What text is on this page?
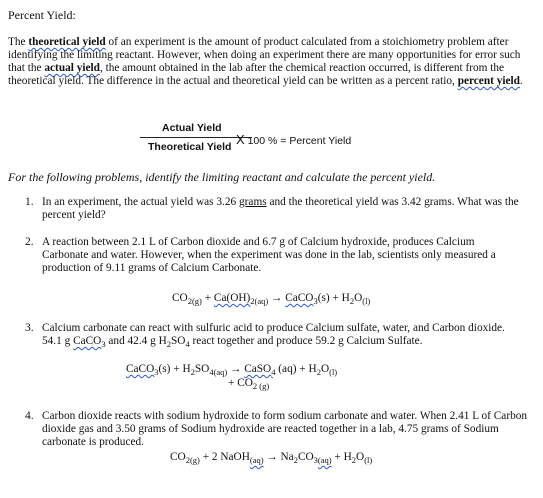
Percent Yield:
The theoretical yield of an experiment is the amount of product calculated from a stoichiometry problem after identifying the limiting reactant. However, when doing an experiment there are many opportunities for error such that the actual yield, the amount obtained in the lab after the chemical reaction occurred, is different from the theoretical yield. The difference in the actual and theoretical yield can be written as a percent ratio, percent yield.
Actual Yield
Theoretical Yield X 100 % = Percent Yield
For the following problems, identify the limiting reactant and calculate the percent yield.
1. In an experiment, the actual yield was 3.26 grams and the theoretical yield was 3.42 grams. What was the percent yield?
2. A reaction between 2.1 L of Carbon dioxide and 6.7 g of Calcium hydroxide, produces Calcium Carbonate and water. However, when the experiment was done in the lab, scientists only measured a production of 9.11 grams of Calcium Carbonate.
$CO_{2(g)} + Ca(OH)_{2(aq)}$ → CaCO$_3$(s) + $H_2O_{(l)}$
3. Calcium carbonate can react with sulfuric acid to produce Calcium sulfate, water, and Carbon dioxide. 54.1 g CaCO$_3$ and 42.4 g $H_2SO_4$ react together and produce 59.2 g Calcium Sulfate.
CaCO$_3$(s) + $H_2SO_{4(aq)}$ → CaSO$_4$ $(aq) + H_2O_{(l)}$
+ $CO_{2 (g)}$
4. Carbon dioxide reacts with sodium hydroxide to form sodium carbonate and water. When 2.41 L of Carbon dioxide gas and 3.50 grams of Sodium hydroxide are reacted together in a lab, 4.75 grams of Sodium carbonate is produced.
$CO_{2(g)} + 2$ NaOH$_{(aq)}$ → $Na_2CO_{3(aq)} + H_2O_{(l)}$
